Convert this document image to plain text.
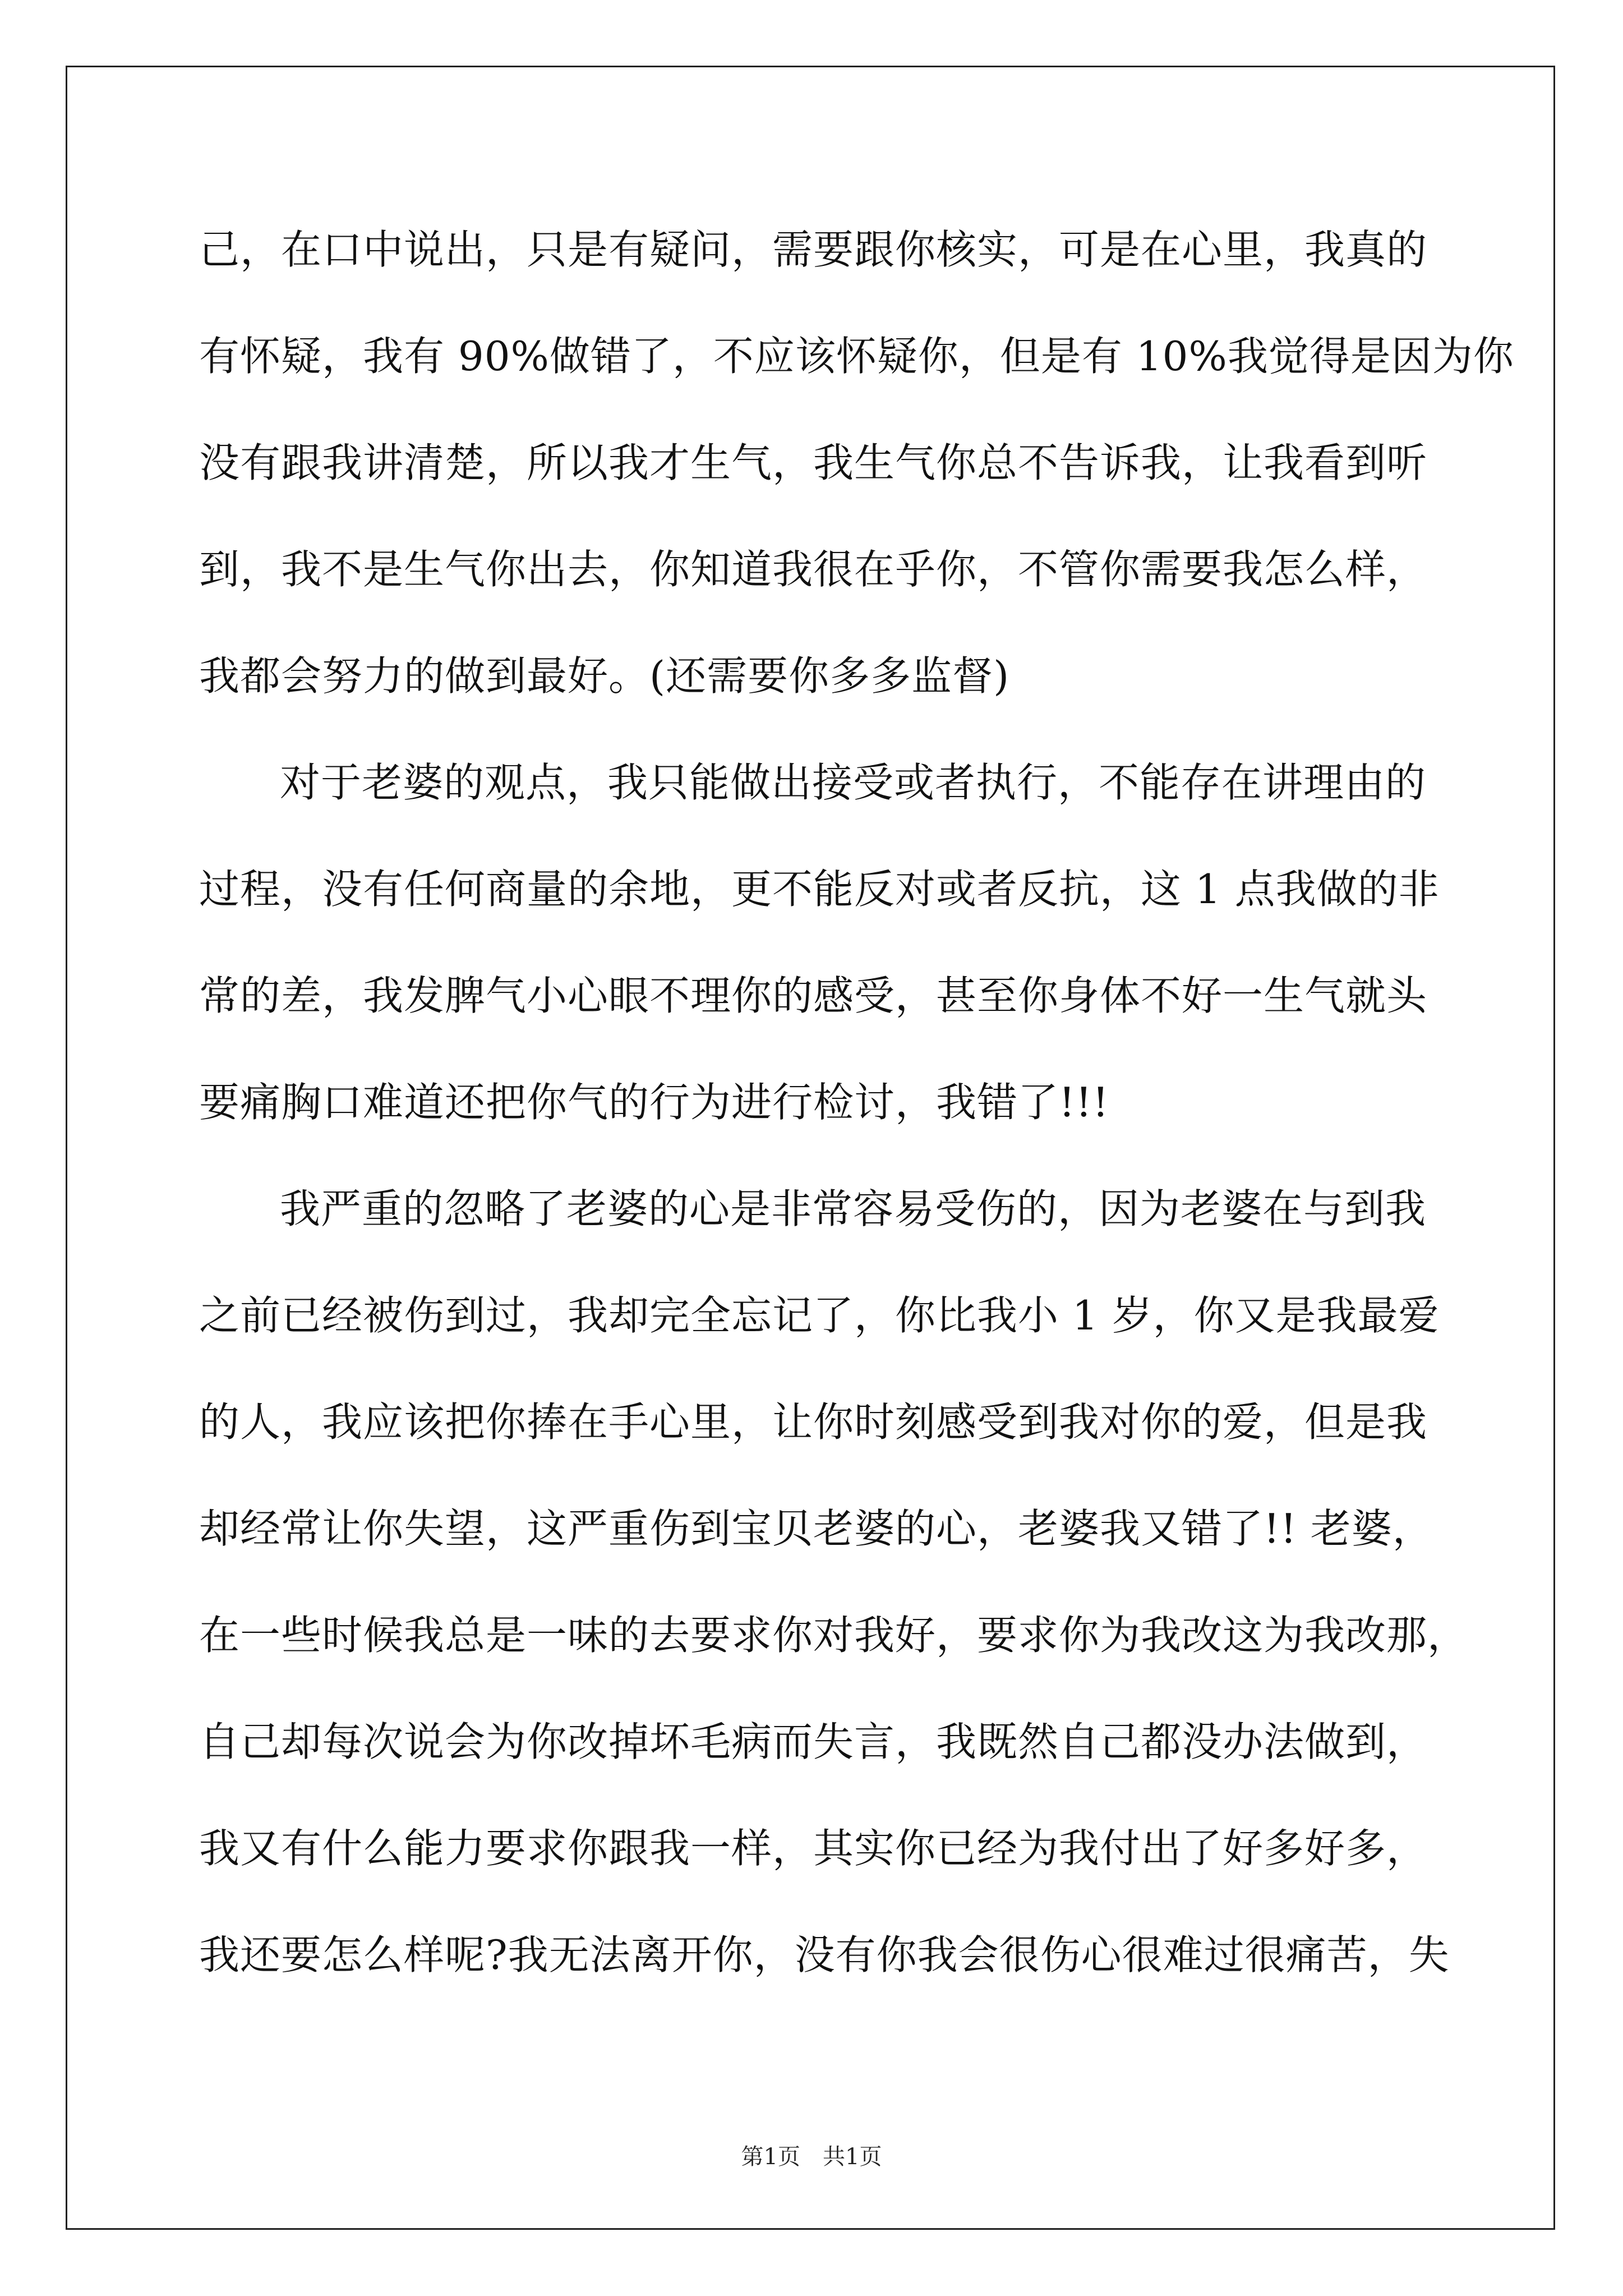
己，在口中说出，只是有疑问，需要跟你核实，可是在心里，我真的
有怀疑，我有 90%做错了，不应该怀疑你，但是有 10%我觉得是因为你
没有跟我讲清楚，所以我才生气，我生气你总不告诉我，让我看到听
到，我不是生气你出去，你知道我很在乎你，不管你需要我怎么样，
我都会努力的做到最好。(还需要你多多监督)
对于老婆的观点，我只能做出接受或者执行，不能存在讲理由的
过程，没有任何商量的余地，更不能反对或者反抗，这 1 点我做的非
常的差，我发脾气小心眼不理你的感受，甚至你身体不好一生气就头
要痛胸口难道还把你气的行为进行检讨，我错了!!!
我严重的忽略了老婆的心是非常容易受伤的，因为老婆在与到我
之前已经被伤到过，我却完全忘记了，你比我小 1 岁，你又是我最爱
的人，我应该把你捧在手心里，让你时刻感受到我对你的爱，但是我
却经常让你失望，这严重伤到宝贝老婆的心，老婆我又错了!! 老婆，
在一些时候我总是一味的去要求你对我好，要求你为我改这为我改那，
自己却每次说会为你改掉坏毛病而失言，我既然自己都没办法做到，
我又有什么能力要求你跟我一样，其实你已经为我付出了好多好多，
我还要怎么样呢?我无法离开你，没有你我会很伤心很难过很痛苦，失
第1页　共1页
